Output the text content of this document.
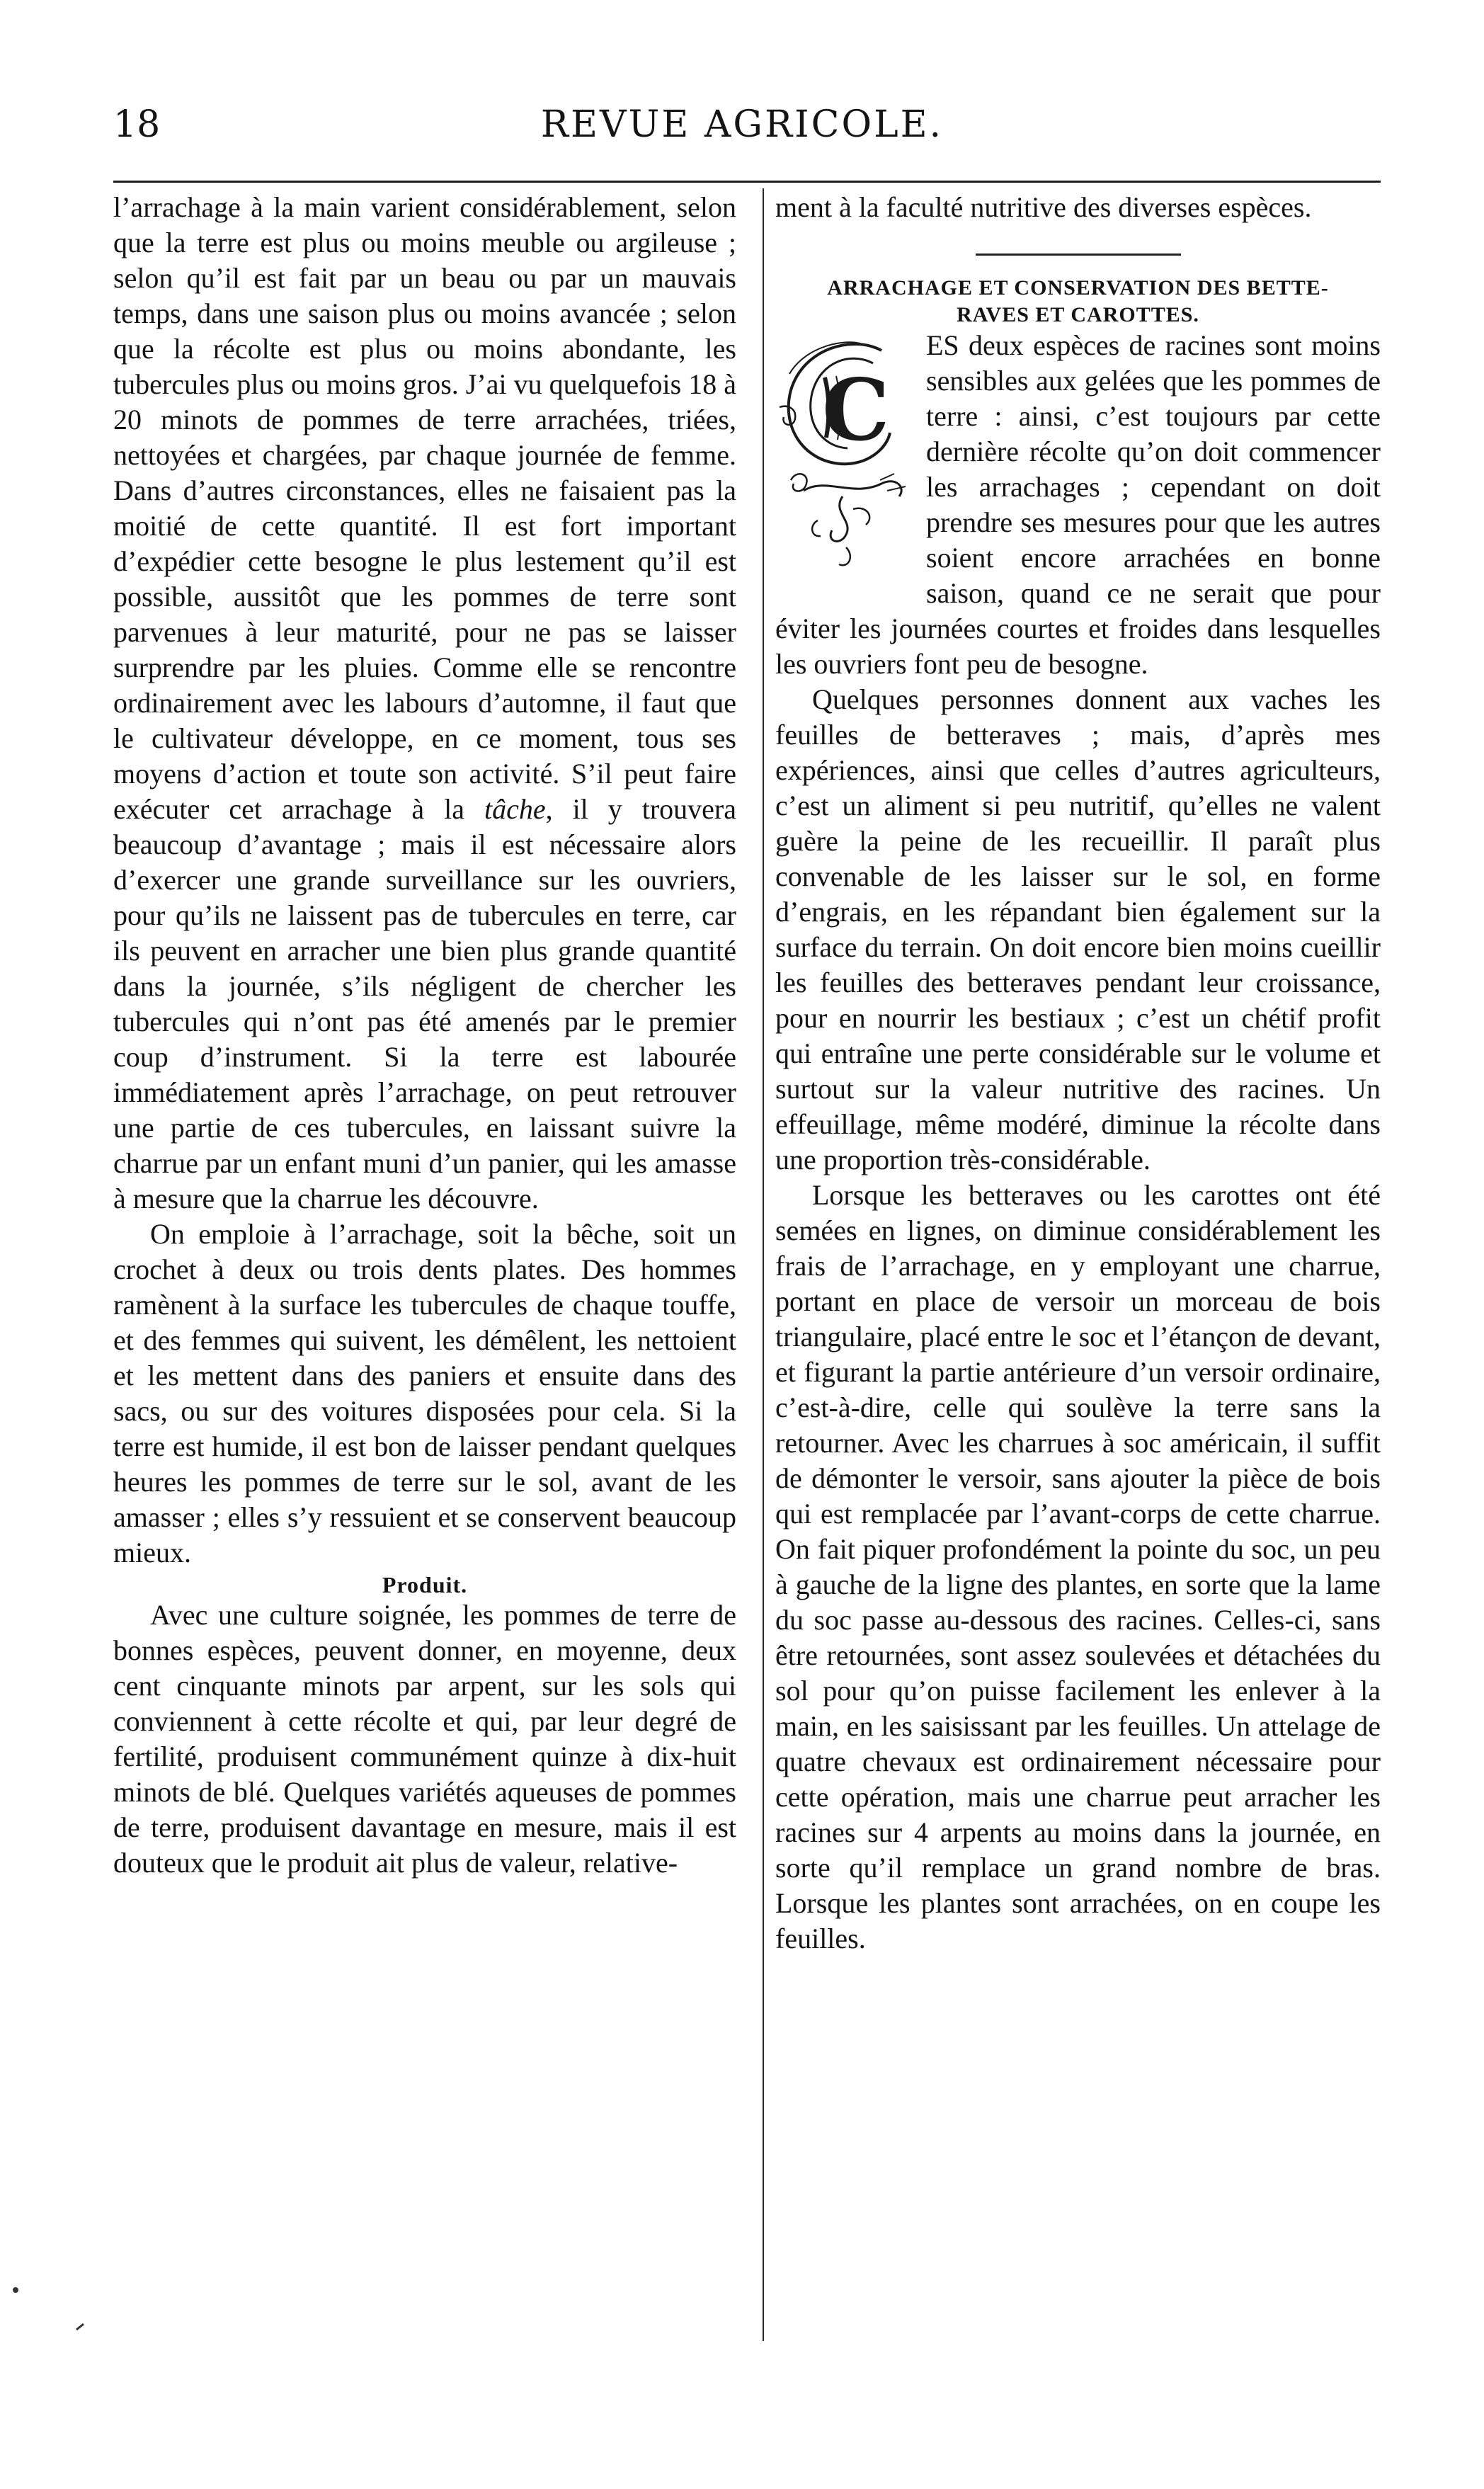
18	REVUE AGRICOLE.

l’arrachage à la main varient considérablement, selon que la terre est plus ou moins meuble ou argileuse ; selon qu’il est fait par un beau ou par un mauvais temps, dans une saison plus ou moins avancée ; selon que la récolte est plus ou moins abondante, les tubercules plus ou moins gros. J’ai vu quelquefois 18 à 20 minots de pommes de terre arrachées, triées, nettoyées et chargées, par chaque journée de femme. Dans d’autres circonstances, elles ne faisaient pas la moitié de cette quantité. Il est fort important d’expédier cette besogne le plus lestement qu’il est possible, aussitôt que les pommes de terre sont parvenues à leur maturité, pour ne pas se laisser surprendre par les pluies. Comme elle se rencontre ordinairement avec les labours d’automne, il faut que le cultivateur développe, en ce moment, tous ses moyens d’action et toute son activité. S’il peut faire exécuter cet arrachage à la tâche, il y trouvera beaucoup d’avantage ; mais il est nécessaire alors d’exercer une grande surveillance sur les ouvriers, pour qu’ils ne laissent pas de tubercules en terre, car ils peuvent en arracher une bien plus grande quantité dans la journée, s’ils négligent de chercher les tubercules qui n’ont pas été amenés par le premier coup d’instrument. Si la terre est labourée immédiatement après l’arrachage, on peut retrouver une partie de ces tubercules, en laissant suivre la charrue par un enfant muni d’un panier, qui les amasse à mesure que la charrue les découvre.

On emploie à l’arrachage, soit la bêche, soit un crochet à deux ou trois dents plates. Des hommes ramènent à la surface les tubercules de chaque touffe, et des femmes qui suivent, les démêlent, les nettoient et les mettent dans des paniers et ensuite dans des sacs, ou sur des voitures disposées pour cela. Si la terre est humide, il est bon de laisser pendant quelques heures les pommes de terre sur le sol, avant de les amasser ; elles s’y ressuient et se conservent beaucoup mieux.

Produit.

Avec une culture soignée, les pommes de terre de bonnes espèces, peuvent donner, en moyenne, deux cent cinquante minots par arpent, sur les sols qui conviennent à cette récolte et qui, par leur degré de fertilité, produisent communément quinze à dix-huit minots de blé. Quelques variétés aqueuses de pommes de terre, produisent davantage en mesure, mais il est douteux que le produit ait plus de valeur, relative-

ment à la faculté nutritive des diverses espèces.

ARRACHAGE ET CONSERVATION DES BETTE-
RAVES ET CAROTTES.

C
ES deux espèces de racines sont moins sensibles aux gelées que les pommes de terre : ainsi, c’est toujours par cette dernière récolte qu’on doit commencer les arrachages ; cependant on doit prendre ses mesures pour que les autres soient encore arrachées en bonne saison, quand ce ne serait que pour éviter les journées courtes et froides dans lesquelles les ouvriers font peu de besogne.

Quelques personnes donnent aux vaches les feuilles de betteraves ; mais, d’après mes expériences, ainsi que celles d’autres agriculteurs, c’est un aliment si peu nutritif, qu’elles ne valent guère la peine de les recueillir. Il paraît plus convenable de les laisser sur le sol, en forme d’engrais, en les répandant bien également sur la surface du terrain. On doit encore bien moins cueillir les feuilles des betteraves pendant leur croissance, pour en nourrir les bestiaux ; c’est un chétif profit qui entraîne une perte considérable sur le volume et surtout sur la valeur nutritive des racines. Un effeuillage, même modéré, diminue la récolte dans une proportion très-considérable.

Lorsque les betteraves ou les carottes ont été semées en lignes, on diminue considérablement les frais de l’arrachage, en y employant une charrue, portant en place de versoir un morceau de bois triangulaire, placé entre le soc et l’étançon de devant, et figurant la partie antérieure d’un versoir ordinaire, c’est-à-dire, celle qui soulève la terre sans la retourner. Avec les charrues à soc américain, il suffit de démonter le versoir, sans ajouter la pièce de bois qui est remplacée par l’avant-corps de cette charrue. On fait piquer profondément la pointe du soc, un peu à gauche de la ligne des plantes, en sorte que la lame du soc passe au-dessous des racines. Celles-ci, sans être retournées, sont assez soulevées et détachées du sol pour qu’on puisse facilement les enlever à la main, en les saisissant par les feuilles. Un attelage de quatre chevaux est ordinairement nécessaire pour cette opération, mais une charrue peut arracher les racines sur 4 arpents au moins dans la journée, en sorte qu’il remplace un grand nombre de bras. Lorsque les plantes sont arrachées, on en coupe les feuilles.
